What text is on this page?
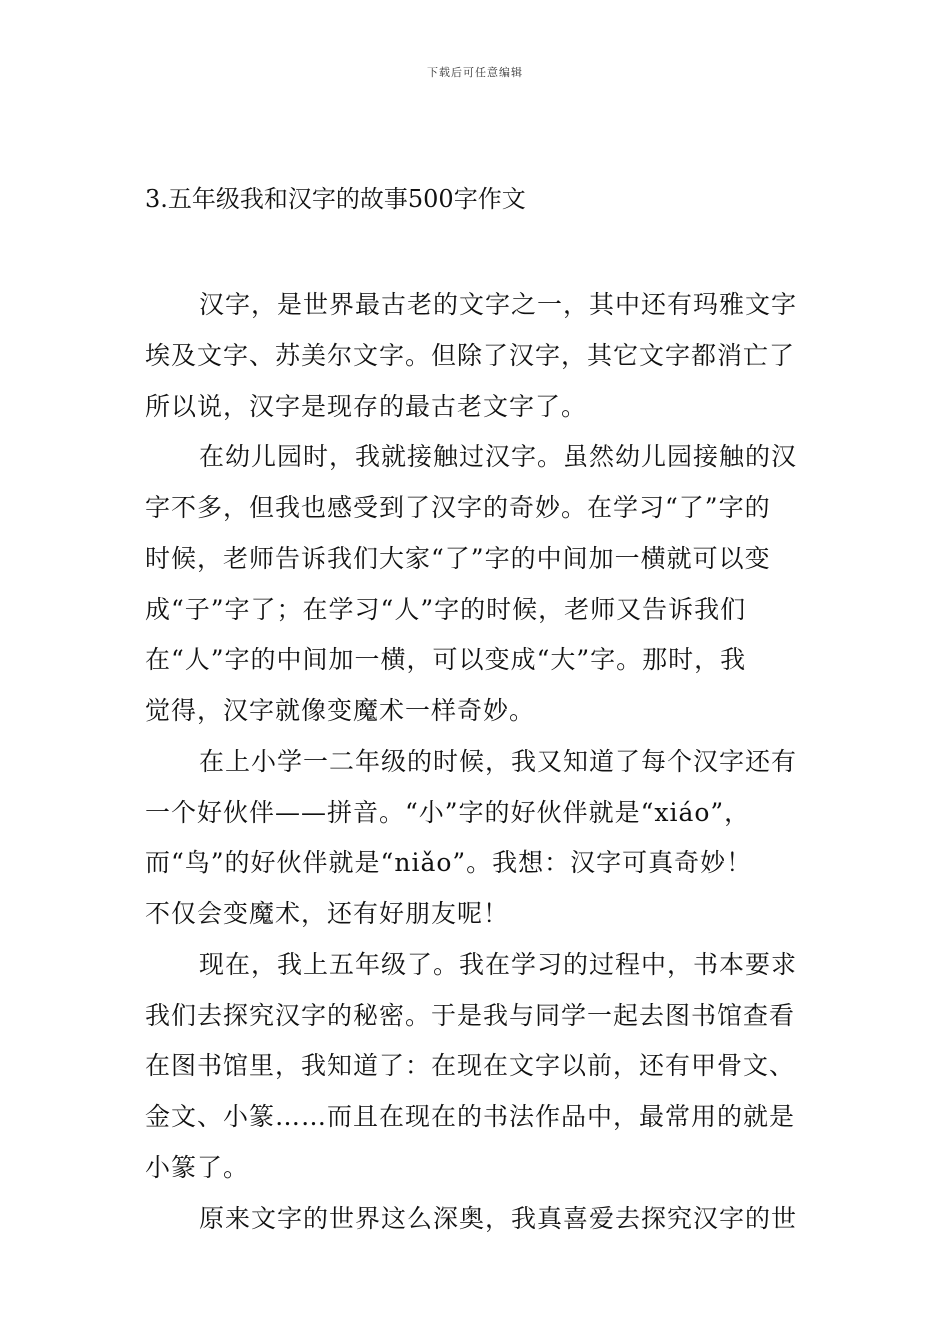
下载后可任意编辑
3.五年级我和汉字的故事500字作文
汉字，是世界最古老的文字之一，其中还有玛雅文字
埃及文字、苏美尔文字。但除了汉字，其它文字都消亡了
所以说，汉字是现存的最古老文字了。
在幼儿园时，我就接触过汉字。虽然幼儿园接触的汉
字不多，但我也感受到了汉字的奇妙。在学习“了”字的
时候，老师告诉我们大家“了”字的中间加一横就可以变
成“子”字了；在学习“人”字的时候，老师又告诉我们
在“人”字的中间加一横，可以变成“大”字。那时，我
觉得，汉字就像变魔术一样奇妙。
在上小学一二年级的时候，我又知道了每个汉字还有
一个好伙伴——拼音。“小”字的好伙伴就是“xiáo”，
而“鸟”的好伙伴就是“niǎo”。我想：汉字可真奇妙！
不仅会变魔术，还有好朋友呢！
现在，我上五年级了。我在学习的过程中，书本要求
我们去探究汉字的秘密。于是我与同学一起去图书馆查看
在图书馆里，我知道了：在现在文字以前，还有甲骨文、
金文、小篆……而且在现在的书法作品中，最常用的就是
小篆了。
原来文字的世界这么深奥，我真喜爱去探究汉字的世
